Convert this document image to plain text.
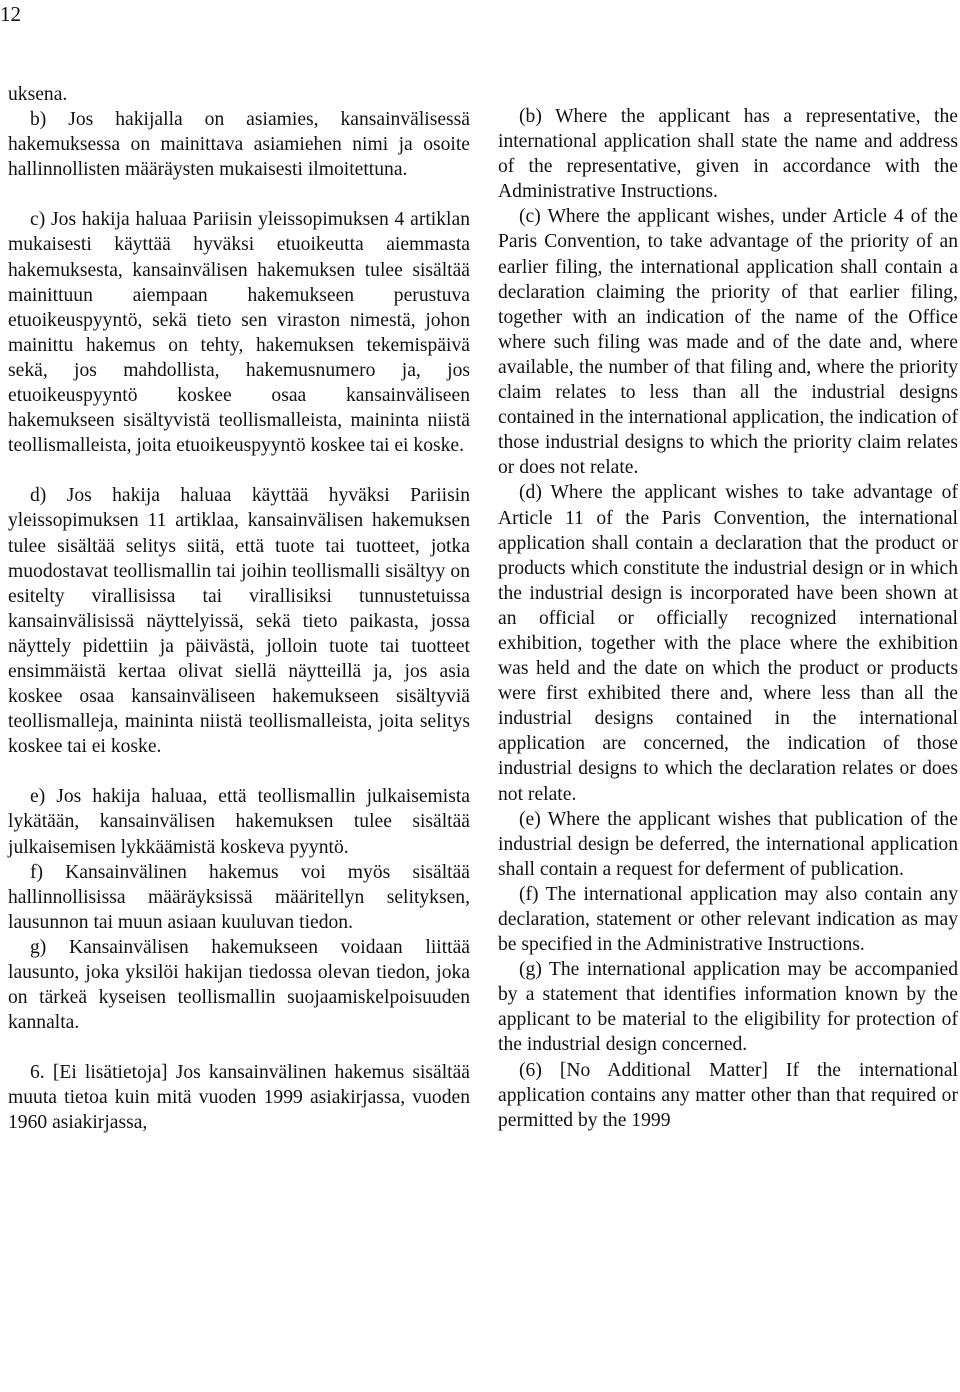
12

uksena.

b) Jos hakijalla on asiamies, kansainvälisessä hakemuksessa on mainittava asiamiehen nimi ja osoite hallinnollisten määräysten mukaisesti ilmoitettuna.

c) Jos hakija haluaa Pariisin yleissopimuksen 4 artiklan mukaisesti käyttää hyväksi etuoikeutta aiemmasta hakemuksesta, kansainvälisen hakemuksen tulee sisältää mainittuun aiempaan hakemukseen perustuva etuoikeuspyyntö, sekä tieto sen viraston nimestä, johon mainittu hakemus on tehty, hakemuksen tekemispäivä sekä, jos mahdollista, hakemusnumero ja, jos etuoikeuspyyntö koskee osaa kansainväliseen hakemukseen sisältyvistä teollismalleista, maininta niistä teollismalleista, joita etuoikeuspyyntö koskee tai ei koske.

d) Jos hakija haluaa käyttää hyväksi Pariisin yleissopimuksen 11 artiklaa, kansainvälisen hakemuksen tulee sisältää selitys siitä, että tuote tai tuotteet, jotka muodostavat teollismallin tai joihin teollismalli sisältyy on esitelty virallisissa tai virallisiksi tunnustetuissa kansainvälisissä näyttelyissä, sekä tieto paikasta, jossa näyttely pidettiin ja päivästä, jolloin tuote tai tuotteet ensimmäistä kertaa olivat siellä näytteillä ja, jos asia koskee osaa kansainväliseen hakemukseen sisältyviä teollismalleja, maininta niistä teollismalleista, joita selitys koskee tai ei koske.

e) Jos hakija haluaa, että teollismallin julkaisemista lykätään, kansainvälisen hakemuksen tulee sisältää julkaisemisen lykkäämistä koskeva pyyntö.

f) Kansainvälinen hakemus voi myös sisältää hallinnollisissa määräyksissä määritellyn selityksen, lausunnon tai muun asiaan kuuluvan tiedon.

g) Kansainvälisen hakemukseen voidaan liittää lausunto, joka yksilöi hakijan tiedossa olevan tiedon, joka on tärkeä kyseisen teollismallin suojaamiskelpoisuuden kannalta.

6. [Ei lisätietoja] Jos kansainvälinen hakemus sisältää muuta tietoa kuin mitä vuoden 1999 asiakirjassa, vuoden 1960 asiakirjassa,

(b) Where the applicant has a representative, the international application shall state the name and address of the representative, given in accordance with the Administrative Instructions.

(c) Where the applicant wishes, under Article 4 of the Paris Convention, to take advantage of the priority of an earlier filing, the international application shall contain a declaration claiming the priority of that earlier filing, together with an indication of the name of the Office where such filing was made and of the date and, where available, the number of that filing and, where the priority claim relates to less than all the industrial designs contained in the international application, the indication of those industrial designs to which the priority claim relates or does not relate.

(d) Where the applicant wishes to take advantage of Article 11 of the Paris Convention, the international application shall contain a declaration that the product or products which constitute the industrial design or in which the industrial design is incorporated have been shown at an official or officially recognized international exhibition, together with the place where the exhibition was held and the date on which the product or products were first exhibited there and, where less than all the industrial designs contained in the international application are concerned, the indication of those industrial designs to which the declaration relates or does not relate.

(e) Where the applicant wishes that publication of the industrial design be deferred, the international application shall contain a request for deferment of publication.

(f) The international application may also contain any declaration, statement or other relevant indication as may be specified in the Administrative Instructions.

(g) The international application may be accompanied by a statement that identifies information known by the applicant to be material to the eligibility for protection of the industrial design concerned.

(6) [No Additional Matter] If the international application contains any matter other than that required or permitted by the 1999
